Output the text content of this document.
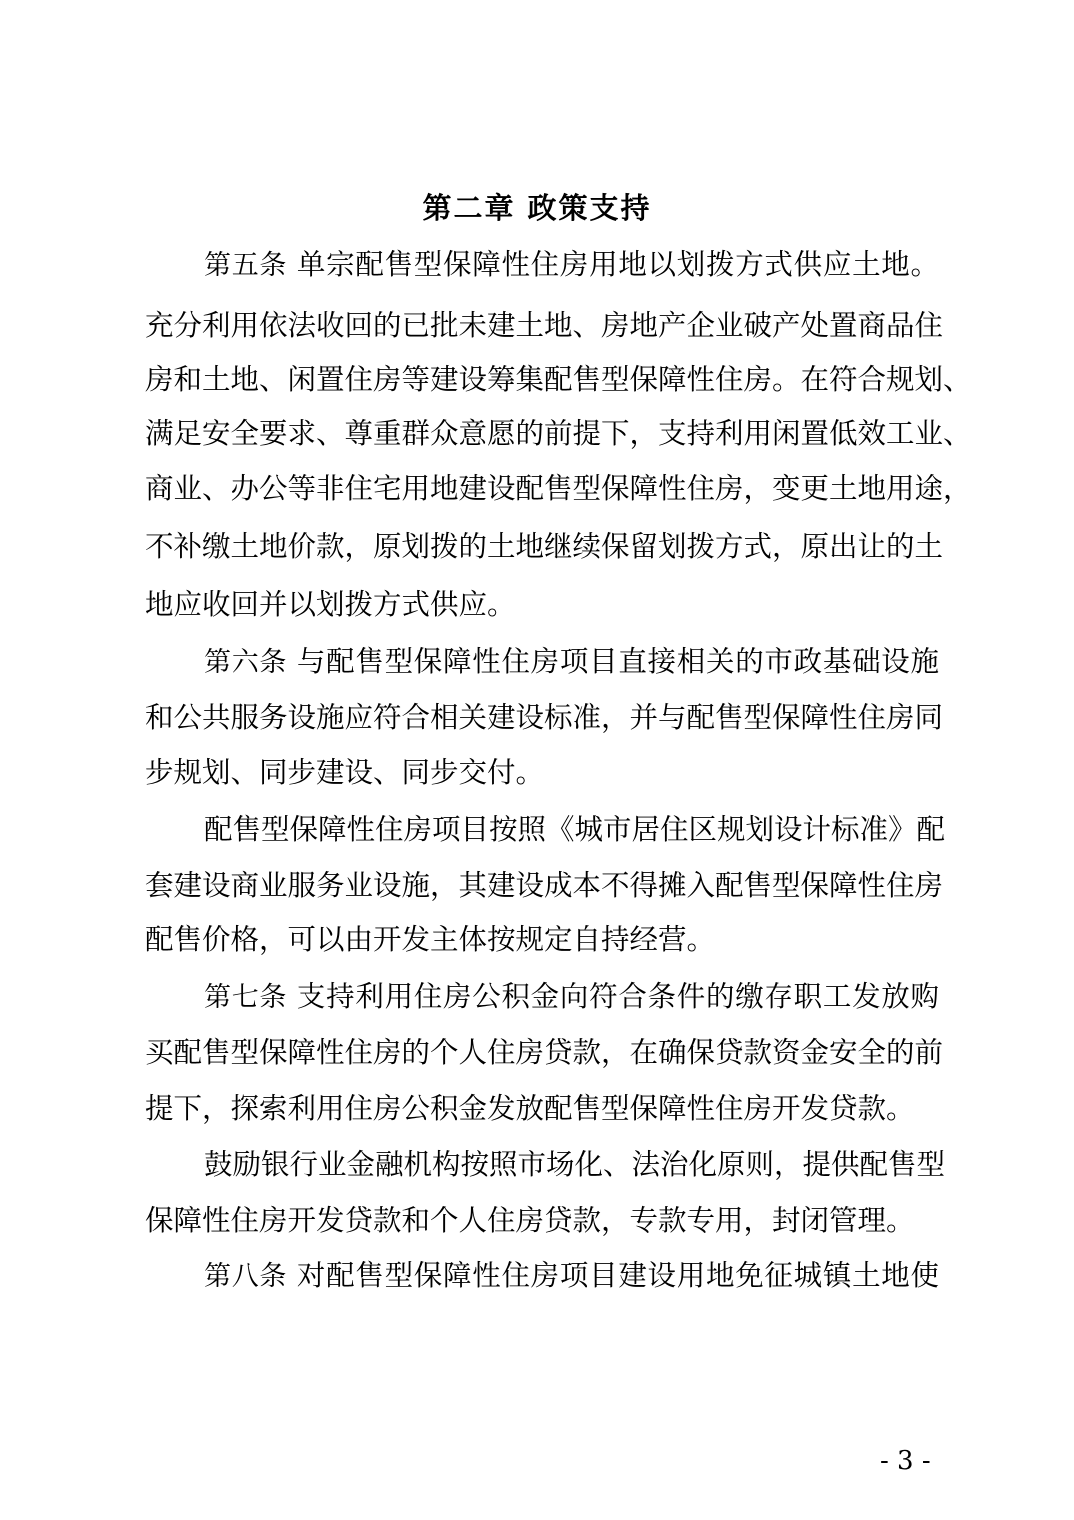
第二章 政策支持
第五条 单宗配售型保障性住房用地以划拨方式供应土地。
充分利用依法收回的已批未建土地、房地产企业破产处置商品住
房和土地、闲置住房等建设筹集配售型保障性住房。在符合规划、
满足安全要求、尊重群众意愿的前提下，支持利用闲置低效工业、
商业、办公等非住宅用地建设配售型保障性住房，变更土地用途，
不补缴土地价款，原划拨的土地继续保留划拨方式，原出让的土
地应收回并以划拨方式供应。
第六条 与配售型保障性住房项目直接相关的市政基础设施
和公共服务设施应符合相关建设标准，并与配售型保障性住房同
步规划、同步建设、同步交付。
配售型保障性住房项目按照《城市居住区规划设计标准》配
套建设商业服务业设施，其建设成本不得摊入配售型保障性住房
配售价格，可以由开发主体按规定自持经营。
第七条 支持利用住房公积金向符合条件的缴存职工发放购
买配售型保障性住房的个人住房贷款，在确保贷款资金安全的前
提下，探索利用住房公积金发放配售型保障性住房开发贷款。
鼓励银行业金融机构按照市场化、法治化原则，提供配售型
保障性住房开发贷款和个人住房贷款，专款专用，封闭管理。
第八条 对配售型保障性住房项目建设用地免征城镇土地使
- 3 -
